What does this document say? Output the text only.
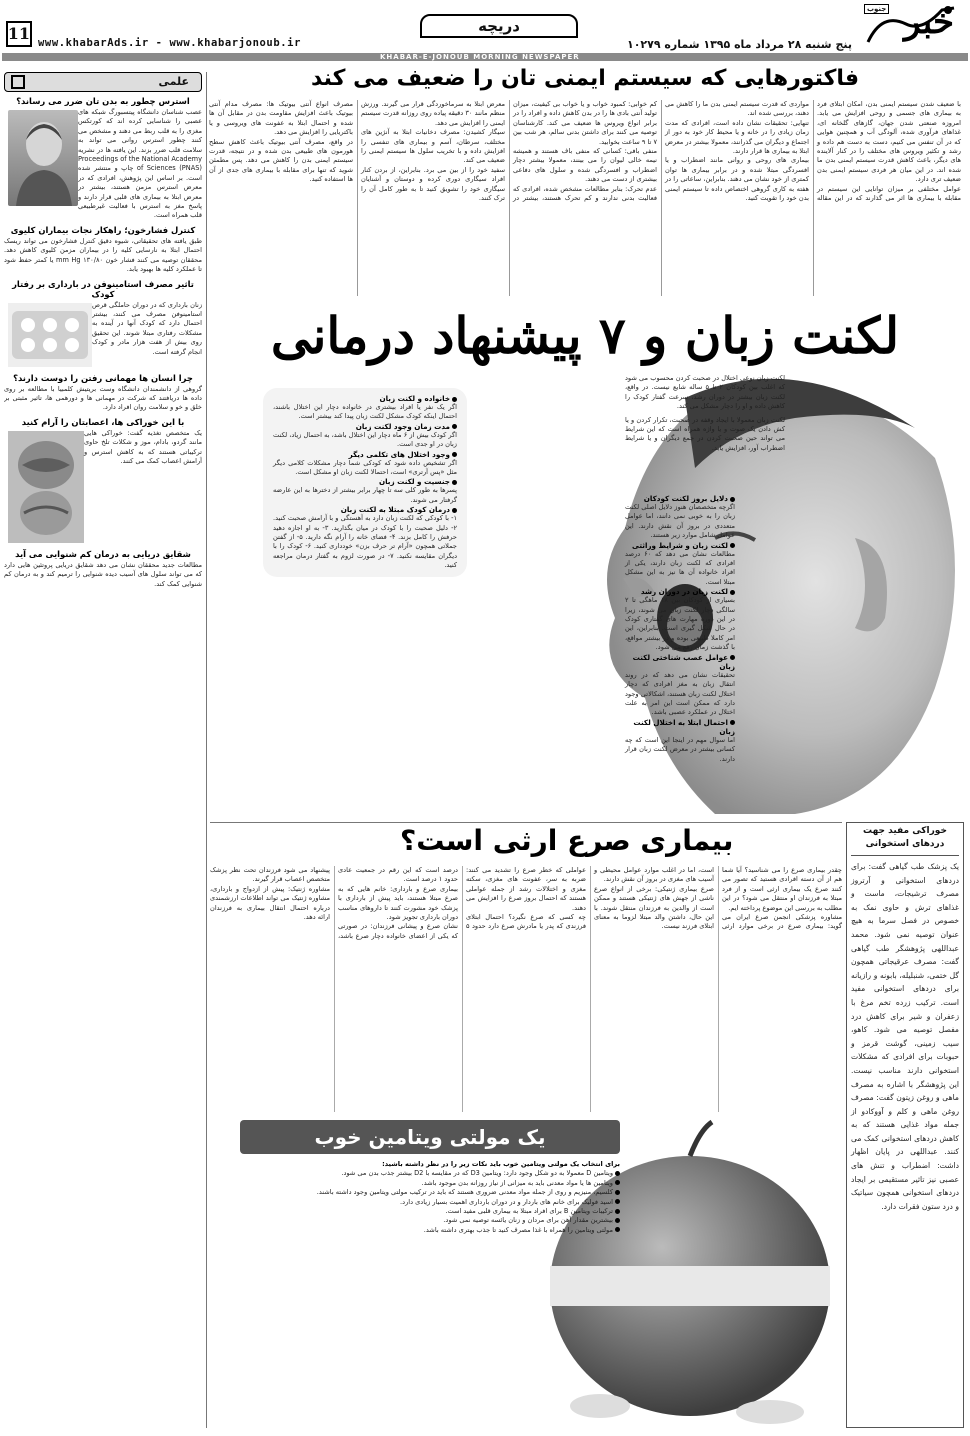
خبر
جنوب
پنج شنبه ۲۸ مرداد ماه ۱۳۹۵ شماره ۱۰۲۷۹
دریچه
www.khabarAds.ir - www.khabarjonoub.ir
11
KHABAR-E-JONOUB MORNING NEWSPAPER
فاکتورهایی که سیستم ایمنی تان را ضعیف می کند

با ضعیف شدن سیستم ایمنی بدن، امکان ابتلای فرد به بیماری های جسمی و روحی افزایش می یابد. امروزه صنعتی شدن جهان، گازهای گلخانه ای، غذاهای فرآوری شده، آلودگی آب و همچنین هوایی که در آن تنفس می کنیم، دست به دست هم داده و رشد و تکثیر ویروس های مختلف را در کنار آلاینده های دیگر، باعث کاهش قدرت سیستم ایمنی بدن ما شده اند. در این میان هر فردی سیستم ایمنی بدن ضعیف تری دارد.

عوامل مختلفی بر میزان توانایی این سیستم در مقابله با بیماری ها اثر می گذارند که در این مقاله مواردی که قدرت سیستم ایمنی بدن ما را کاهش می دهند، بررسی شده اند.

تنهایی: تحقیقات نشان داده است، افرادی که مدت زمان زیادی را در خانه و یا محیط کار خود به دور از اجتماع و دیگران می گذرانند، معمولا بیشتر در معرض ابتلا به بیماری ها قرار دارند.

بیماری های روحی و روانی مانند اضطراب و یا افسردگی مبتلا شده و در برابر بیماری ها توان کمتری از خود نشان می دهند. بنابراین، ساعاتی را در هفته به کاری گروهی اختصاص داده تا سیستم ایمنی بدن خود را تقویت کنید.

کم خوابی: کمبود خواب و یا خواب بی کیفیت، میزان تولید آنتی بادی ها را در بدن کاهش داده و افراد را در برابر انواع ویروس ها ضعیف می کند. کارشناسان توصیه می کنند برای داشتن بدنی سالم، هر شب بین ۷ تا ۹ ساعت بخوابید.

منفی بافی: کسانی که منفی باف هستند و همیشه نیمه خالی لیوان را می بینند، معمولا بیشتر دچار اضطراب و افسردگی شده و سلول های دفاعی بیشتری از دست می دهند.

عدم تحرک: بنابر مطالعات مشخص شده، افرادی که فعالیت بدنی ندارند و کم تحرک هستند، بیشتر در معرض ابتلا به سرماخوردگی قرار می گیرند. ورزش منظم مانند ۳۰ دقیقه پیاده روی روزانه قدرت سیستم ایمنی را افزایش می دهد.

سیگار کشیدن: مصرف دخانیات ابتلا به آنژین های مختلف، سرطان، آسم و بیماری های تنفسی را افزایش داده و با تخریب سلول ها سیستم ایمنی را ضعیف می کند.

سفید خود را از بین می برد. بنابراین، از بردن کنار افراد سیگاری دوری کرده و دوستان و آشنایان سیگاری خود را تشویق کنید تا به طور کامل آن را ترک کنند.

مصرف انواع آنتی بیوتیک ها: مصرف مدام آنتی بیوتیک باعث افزایش مقاومت بدن در مقابل آن ها شده و احتمال ابتلا به عفونت های ویروسی و یا باکتریایی را افزایش می دهد.

در واقع، مصرف آنتی بیوتیک باعث کاهش سطح هورمون های طبیعی بدن شده و در نتیجه، قدرت سیستم ایمنی بدن را کاهش می دهد. پس مطمئن شوید که تنها برای مقابله با بیماری های جدی از آن ها استفاده کنید.

لکنت زبان و ۷ پیشنهاد درمانی

لکنت زبان نوعی اختلال در صحبت کردن محسوب می شود که اغلب بین کودکان ۲ تا ۵ ساله شایع نیست. در واقع، لکنت زبان بیشتر در دوران رشد، سرعت گفتار کودک را کاهش داده و او را دچار مشکل می کند.

لکنت زبان معمولا با ایجاد وقفه در صحبت، تکرار کردن و یا کش دادن یک صوت و یا واژه همراه است که این شرایط می تواند حین صحبت کردن در جمع دیگران و یا شرایط اضطراب آور، افزایش یابد.

دلایل بروز لکنت کودکان

اگرچه متخصصان هنوز دلایل اصلی لکنت زبان را به خوبی نمی دانند، اما عوامل متعددی در بروز آن نقش دارند. این عوامل شامل موارد زیر هستند.

لکنت زبان و شرایط وراثتی

مطالعات نشان می دهد که ۶۰ درصد افرادی که لکنت زبان دارند، یکی از افراد خانواده آن ها نیز به این مشکل مبتلا است.

لکنت زبان در دوران رشد

بسیاری از کودکان بین ۱۸ ماهگی تا ۲ سالگی دچار لکنت زبان می شوند، زیرا در این دوره مهارت های گفتاری کودک در حال شکل گیری است. بنابراین، این امر کاملا طبیعی بوده و در بیشتر مواقع، با گذشت زمان رفع می شود.

عوامل عصب شناختی لکنت زبان

تحقیقات نشان می دهد که در روند انتقال زبان به مغز افرادی که دچار اختلال لکنت زبان هستند، اشکالاتی وجود دارد که ممکن است این امر به علت اختلال در عملکرد عصبی باشد.

احتمال ابتلا به اختلال لکنت زبان

اما سوال مهم در اینجا این است که چه کسانی بیشتر در معرض لکنت زبان قرار دارند.

خانواده و لکنت زبان

اگر یک نفر یا افراد بیشتری در خانواده دچار این اختلال باشند، احتمال اینکه کودک مشکل لکنت زبان پیدا کند بیشتر است.

مدت زمان وجود لکنت زبان

اگر کودک بیش از ۶ ماه دچار این اختلال باشد، به احتمال زیاد، لکنت زبان در او جدی است.

وجود اختلال های تکلمی دیگر

اگر تشخیص داده شود که کودکی شما دچار مشکلات کلامی دیگر مثل «پس آرتری» است، احتمالا لکنت زبان او مشکل است.

جنسیت و لکنت زبان

پسرها به طور کلی سه تا چهار برابر بیشتر از دخترها به این عارضه گرفتار می شوند.

درمان کودک مبتلا به لکنت زبان

۱- با کودکی که لکنت زبان دارد به آهستگی و با آرامش صحبت کنید. ۲- دلیل صحبت را با کودک در میان بگذارید. ۳- به او اجازه دهید حرفش را کامل بزند. ۴- فضای خانه را آرام نگه دارید. ۵- از گفتن جملاتی همچون «آرام تر حرف بزن» خودداری کنید. ۶- کودک را با دیگران مقایسه نکنید. ۷- در صورت لزوم به گفتار درمان مراجعه کنید.

علمی
استرس چطور به بدن تان ضرر می رساند؟

عصب شناسان دانشگاه پیتسبورگ شبکه های عصبی را شناسایی کرده اند که کورتکس مغزی را به قلب ربط می دهند و مشخص می کنند چطور استرس روانی می تواند به سلامت قلب ضرر بزند. این یافته ها در نشریه Proceedings of the National Academy of Sciences (PNAS) چاپ و منتشر شده است. بر اساس این پژوهش، افرادی که در معرض استرس مزمن هستند، بیشتر در معرض ابتلا به بیماری های قلبی قرار دارند و پاسخ مغز به استرس با فعالیت غیرطبیعی قلب همراه است.

کنترل فشارخون؛ راهکار نجات بیماران کلیوی

طبق یافته های تحقیقاتی، شیوه دقیق کنترل فشارخون می تواند ریسک احتمال ابتلا به نارسایی کلیه را در بیماران مزمن کلیوی کاهش دهد. محققان توصیه می کنند فشار خون ۱۳۰/۸۰ mm Hg یا کمتر حفظ شود تا عملکرد کلیه ها بهبود یابد.

تاثیر مصرف استامینوفن در بارداری بر رفتار کودک

زنان بارداری که در دوران حاملگی قرص استامینوفن مصرف می کنند، بیشتر احتمال دارد که کودک آنها در آینده به مشکلات رفتاری مبتلا شوند. این تحقیق روی بیش از هفت هزار مادر و کودک انجام گرفته است.

چرا انسان ها مهمانی رفتن را دوست دارند؟

گروهی از دانشمندان دانشگاه وست بریتیش کلمبیا با مطالعه بر روی داده ها دریافتند که شرکت در مهمانی ها و دورهمی ها، تاثیر مثبتی بر خلق و خو و سلامت روان افراد دارد.

با این خوراکی ها، اعصابتان را آرام کنید

یک متخصص تغذیه گفت: خوراکی هایی مانند گردو، بادام، موز و شکلات تلخ حاوی ترکیباتی هستند که به کاهش استرس و آرامش اعصاب کمک می کنند.

شقایق دریایی به درمان کم شنوایی می آید

مطالعات جدید محققان نشان می دهد شقایق دریایی پروتئین هایی دارد که می تواند سلول های آسیب دیده شنوایی را ترمیم کند و به درمان کم شنوایی کمک کند.

بیماری صرع ارثی است؟

چقدر بیماری صرع را می شناسید؟ آیا شما هم از آن دسته افرادی هستید که تصور می کنند صرع یک بیماری ارثی است و از فرد مبتلا به فرزندان او منتقل می شود؟ در این مطلب به بررسی این موضوع پرداخته ایم.

مشاوره پزشکی انجمن صرع ایران می گوید: بیماری صرع در برخی موارد ارثی است، اما در اغلب موارد عوامل محیطی و آسیب های مغزی در بروز آن نقش دارند.

صرع بیماری ژنتیکی: برخی از انواع صرع ناشی از جهش های ژنتیکی هستند و ممکن است از والدین به فرزندان منتقل شوند. با این حال، داشتن والد مبتلا لزوما به معنای ابتلای فرزند نیست.

عواملی که خطر صرع را تشدید می کنند: ضربه به سر، عفونت های مغزی، سکته مغزی و اختلالات رشد از جمله عواملی هستند که احتمال بروز صرع را افزایش می دهند.

چه کسی که صرع نگیرد؟ احتمال ابتلای فرزندی که پدر یا مادرش صرع دارد حدود ۵ درصد است که این رقم در جمعیت عادی حدود ۱ درصد است.

بیماری صرع و بارداری: خانم هایی که به صرع مبتلا هستند، باید پیش از بارداری با پزشک خود مشورت کنند تا داروهای مناسب دوران بارداری تجویز شود.

نشان صرع و پیشانی فرزندان: در صورتی که یکی از اعضای خانواده دچار صرع باشد، پیشنهاد می شود فرزندان تحت نظر پزشک متخصص اعصاب قرار گیرند.

مشاوره ژنتیک: پیش از ازدواج و بارداری، مشاوره ژنتیک می تواند اطلاعات ارزشمندی درباره احتمال انتقال بیماری به فرزندان ارائه دهد.

خوراکی مفید جهت دردهای استخوانی

یک پزشک طب گیاهی گفت: برای دردهای استخوانی و آرتروز مصرف ترشیجات، ماست و غذاهای ترش و حاوی نمک به خصوص در فصل سرما به هیچ عنوان توصیه نمی شود. محمد عبداللهی پژوهشگر طب گیاهی گفت: مصرف عرقیجاتی همچون گل ختمی، شنبلیله، بابونه و رازیانه برای دردهای استخوانی مفید است. ترکیب زرده تخم مرغ با زعفران و شیر برای کاهش درد مفصل توصیه می شود. کاهو، سیب زمینی، گوشت قرمز و حبوبات برای افرادی که مشکلات استخوانی دارند مناسب نیست. این پژوهشگر با اشاره به مصرف ماهی و روغن زیتون گفت: مصرف روغن ماهی و کلم و آووکادو از جمله مواد غذایی هستند که به کاهش دردهای استخوانی کمک می کنند. عبداللهی در پایان اظهار داشت: اضطراب و تنش های عصبی نیز تاثیر مستقیمی بر ایجاد دردهای استخوانی همچون سیاتیک و درد ستون فقرات دارد.

یک مولتی ویتامین خوب

برای انتخاب یک مولتی ویتامین خوب باید نکات زیر را در نظر داشته باشید:

ویتامین D معمولا به دو شکل وجود دارد: ویتامین D3 که در مقایسه با D2 بیشتر جذب بدن می شود.

ویتامین ها یا مواد معدنی باید به میزانی از نیاز روزانه بدن موجود باشد.

کلسیم، منیزیم و روی از جمله مواد معدنی ضروری هستند که باید در ترکیب مولتی ویتامین وجود داشته باشند.

اسید فولیک برای خانم های باردار و در دوران بارداری اهمیت بسیار زیادی دارد.

ترکیبات ویتامین B برای افراد مبتلا به بیماری قلبی مفید است.

بیشترین مقدار آهن برای مردان و زنان یائسه توصیه نمی شود.

مولتی ویتامین را همراه با غذا مصرف کنید تا جذب بهتری داشته باشد.
